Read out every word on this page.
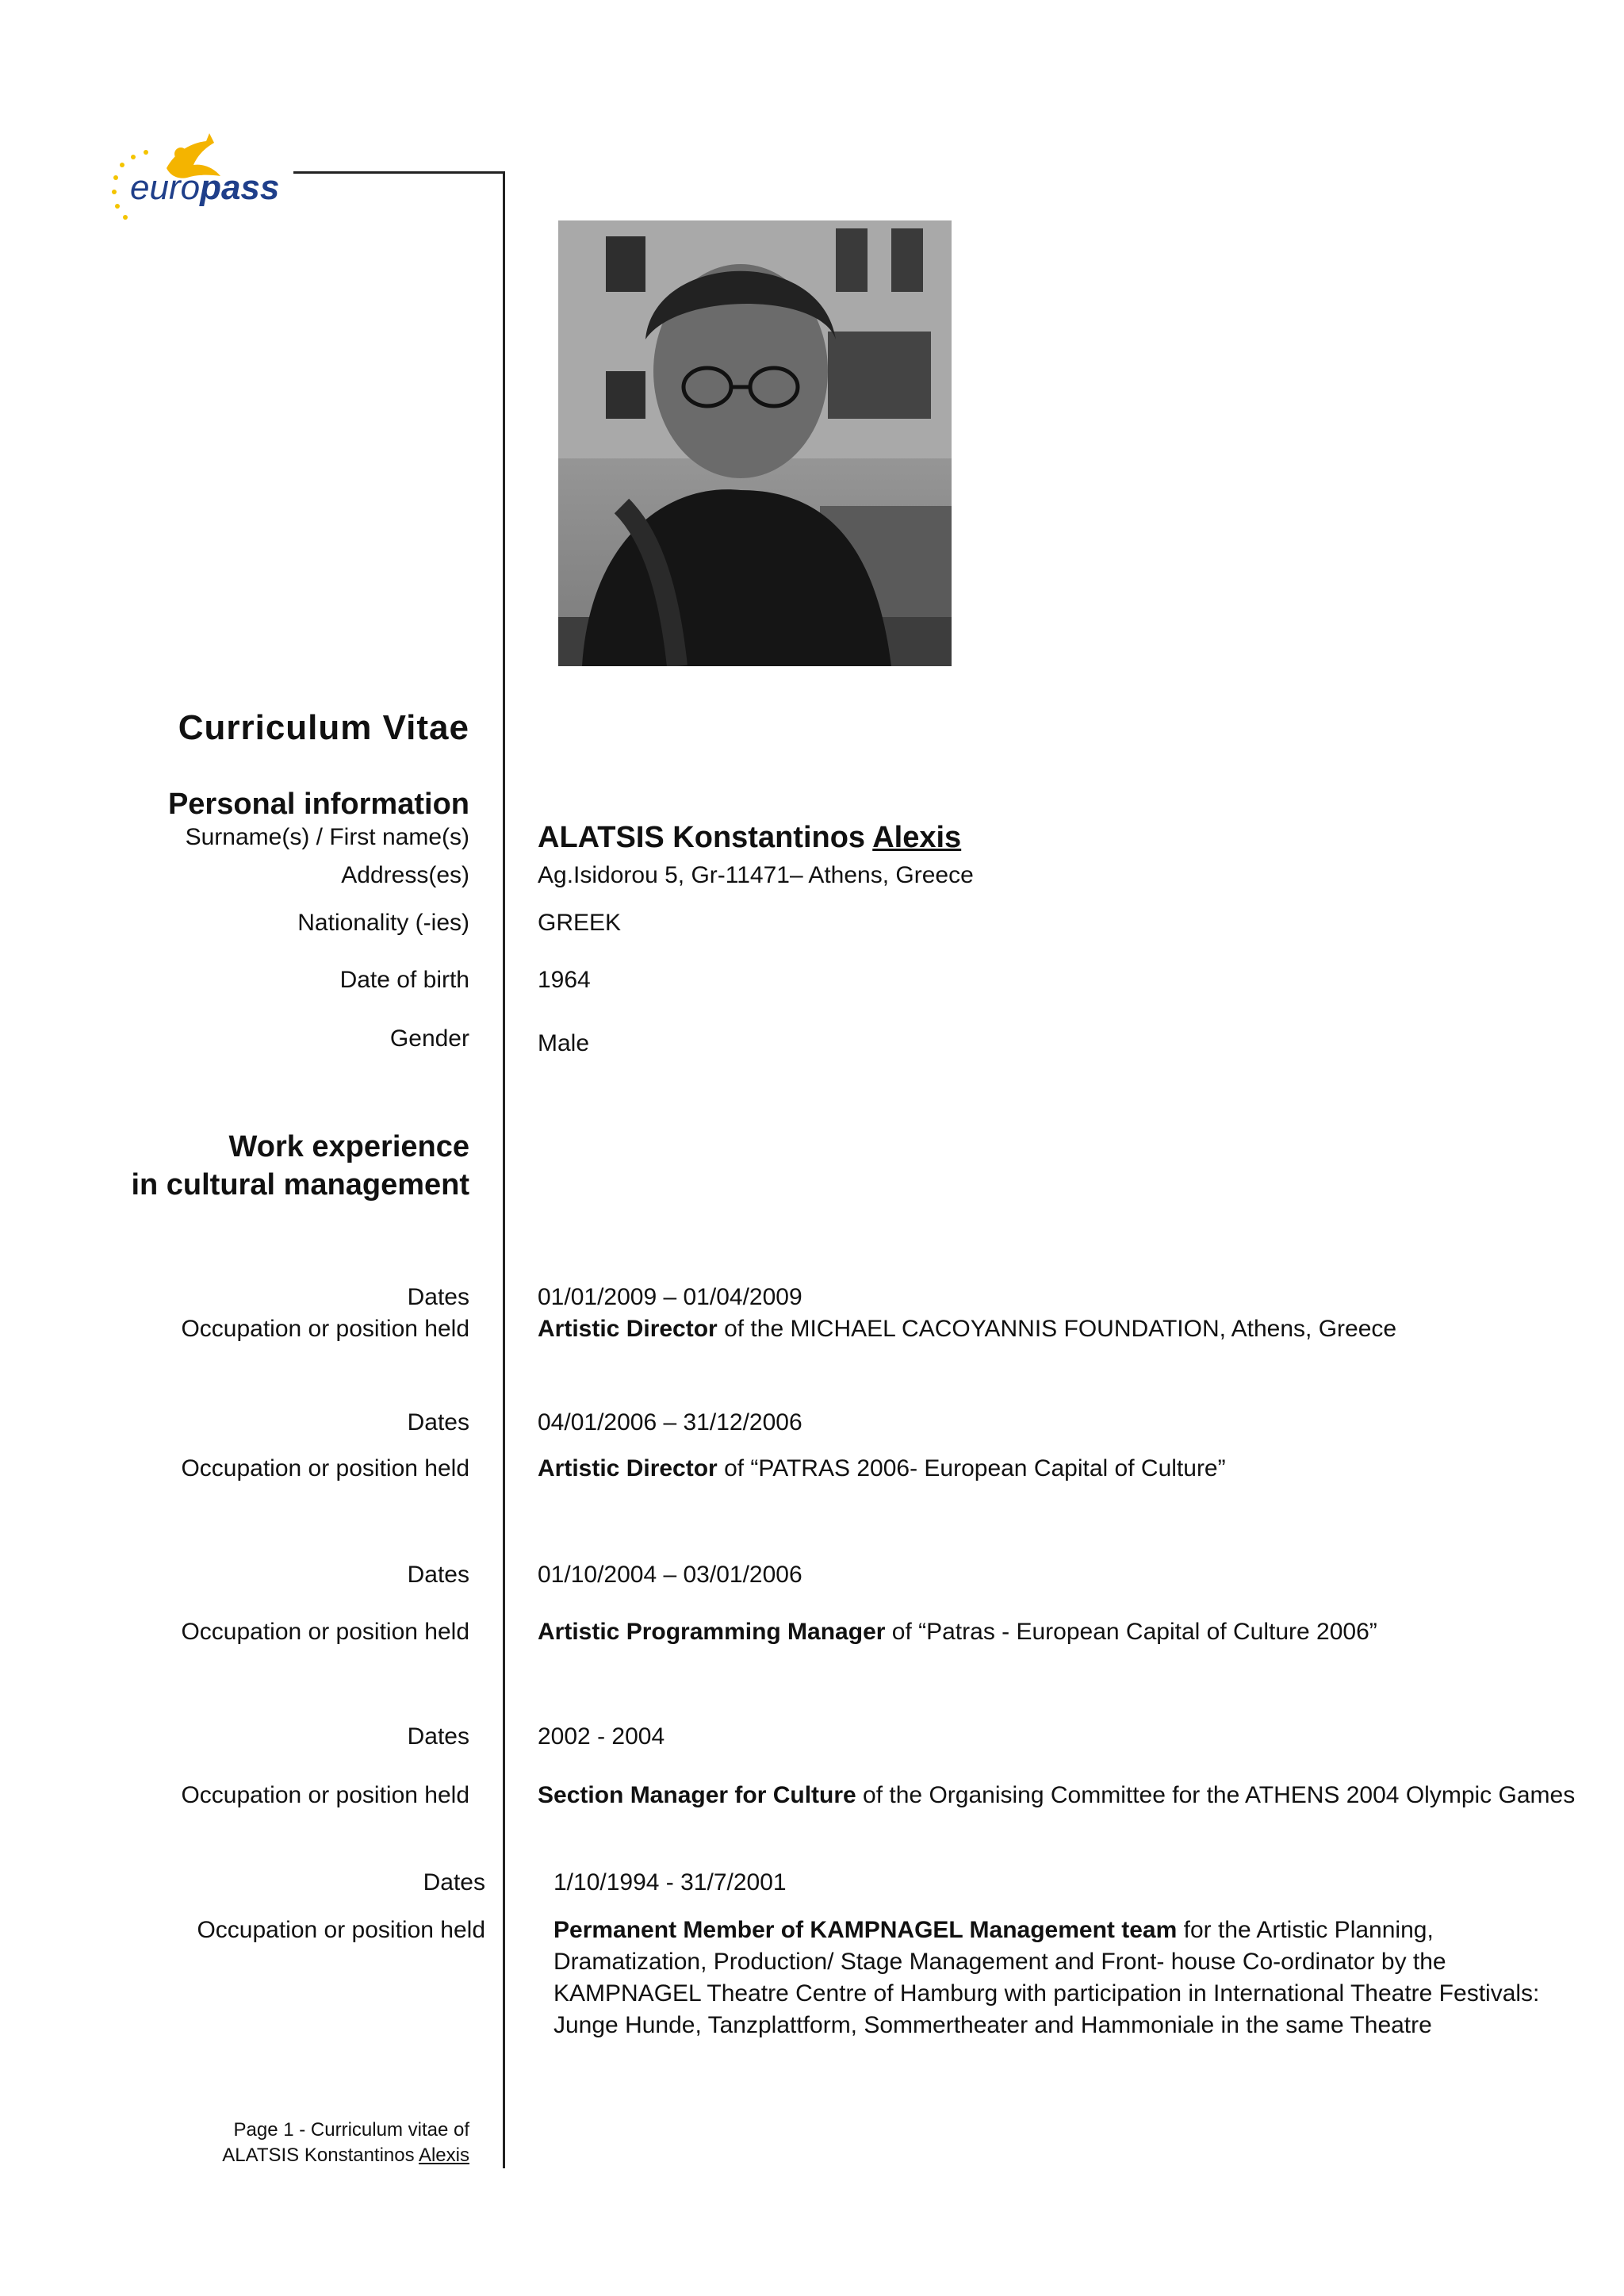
europass
Curriculum Vitae
Personal information
Surname(s) / First name(s) ALATSIS Konstantinos Alexis
Address(es)	Ag.Isidorou 5, Gr-11471– Athens, Greece
Nationality (-ies)	GREEK
Date of birth	1964
Gender	Male
Work experience
in cultural management
Dates	01/01/2009 – 01/04/2009
Occupation or position held	Artistic Director of the MICHAEL CACOYANNIS FOUNDATION, Athens, Greece
Dates	04/01/2006 – 31/12/2006
Occupation or position held	Artistic Director of “PATRAS 2006- European Capital of Culture”
Dates	01/10/2004 – 03/01/2006
Occupation or position held	Artistic Programming Manager of “Patras - European Capital of Culture 2006”
Dates	2002 - 2004
Occupation or position held	Section Manager for Culture of the Organising Committee for the ATHENS 2004 Olympic Games
Dates	1/10/1994 - 31/7/2001
Occupation or position held	Permanent Member of KAMPNAGEL Management team for the Artistic Planning, Dramatization, Production/ Stage Management and Front- house Co-ordinator by the KAMPNAGEL Theatre Centre of Hamburg with participation in International Theatre Festivals: Junge Hunde, Tanzplattform, Sommertheater and Hammoniale in the same Theatre
Page 1 - Curriculum vitae of
ALATSIS Konstantinos Alexis
